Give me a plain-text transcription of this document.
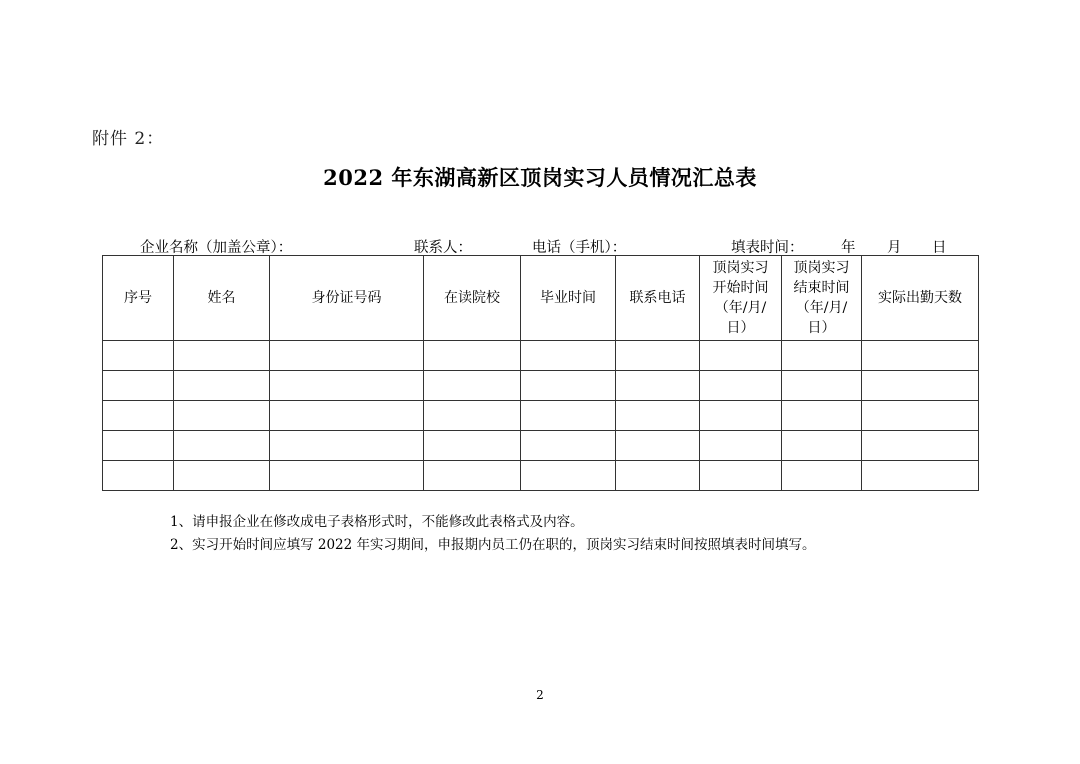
附件 2：
2022 年东湖高新区顶岗实习人员情况汇总表
企业名称（加盖公章）：	联系人：	电话（手机）：	填表时间：	年 月 日
序号	姓名	身份证号码	在读院校	毕业时间	联系电话	顶岗实习
开始时间
（年/月/
日）	顶岗实习
结束时间
（年/月/
日）	实际出勤天数

1、请申报企业在修改成电子表格形式时，不能修改此表格式及内容。
2、实习开始时间应填写 2022 年实习期间，申报期内员工仍在职的，顶岗实习结束时间按照填表时间填写。
2
